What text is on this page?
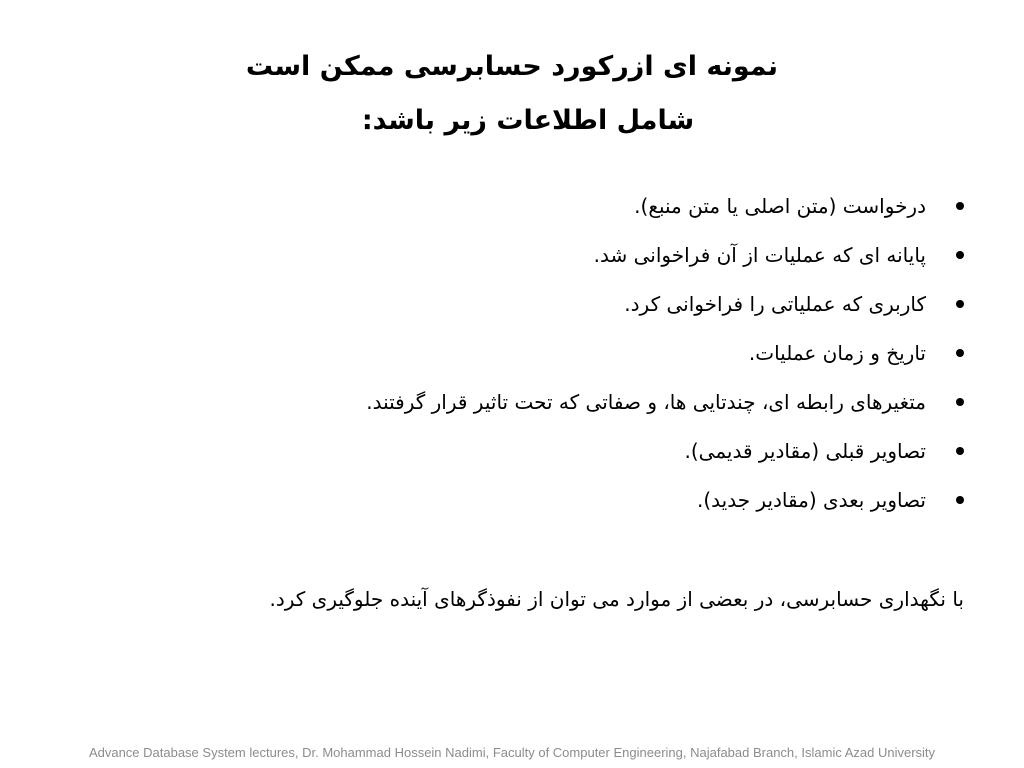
نمونه ای ازرکورد حسابرسی ممکن است
شامل اطلاعات زیر باشد:
درخواست (متن اصلی یا متن منبع).
پایانه ای که عملیات از آن فراخوانی شد.
کاربری که عملیاتی را فراخوانی کرد.
تاریخ و زمان عملیات.
متغیرهای رابطه ای، چندتایی ها، و صفاتی که تحت تاثیر قرار گرفتند.
تصاویر قبلی (مقادیر قدیمی).
تصاویر بعدی (مقادیر جدید).
با نگهداری حسابرسی، در بعضی از موارد می توان از نفوذگرهای آینده جلوگیری کرد.
Advance Database System lectures, Dr. Mohammad Hossein Nadimi, Faculty of Computer Engineering, Najafabad Branch, Islamic Azad University
